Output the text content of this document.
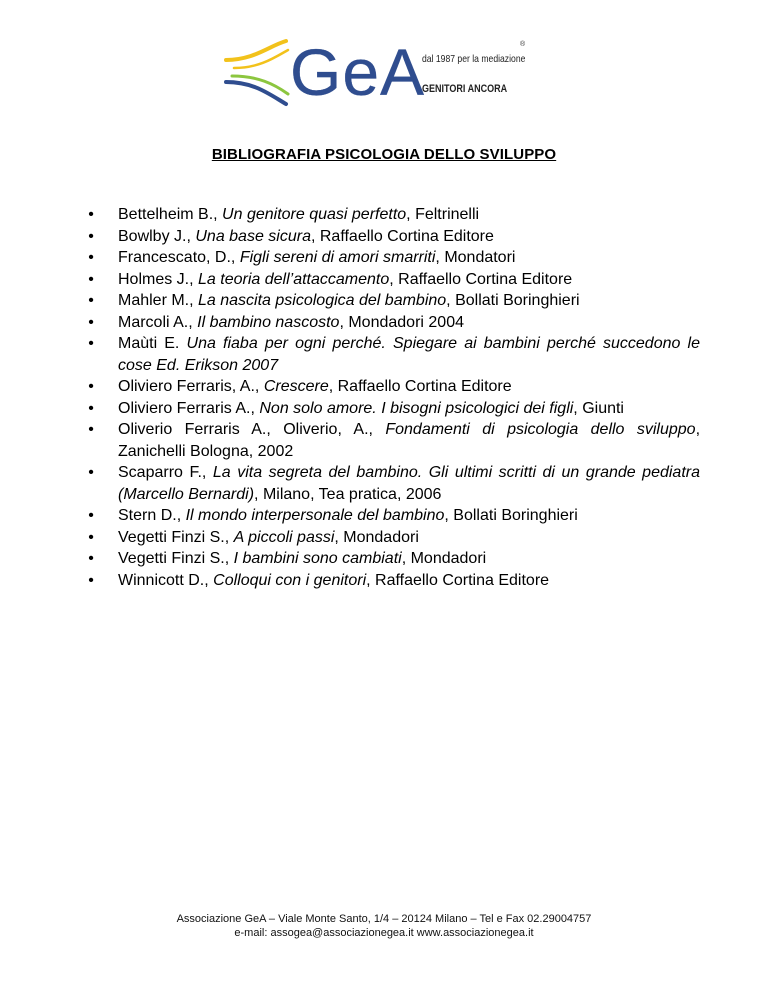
GeA
dal 1987 per la mediazione
GENITORI ANCORA
®
BIBLIOGRAFIA PSICOLOGIA DELLO SVILUPPO
•
Bettelheim B., Un genitore quasi perfetto, Feltrinelli
•
Bowlby J., Una base sicura, Raffaello Cortina Editore
•
Francescato, D., Figli sereni di amori smarriti, Mondatori
•
Holmes J., La teoria dell’attaccamento, Raffaello Cortina Editore
•
Mahler M., La nascita psicologica del bambino, Bollati Boringhieri
•
Marcoli A., Il bambino nascosto, Mondadori 2004
•
Maùti E. Una fiaba per ogni perché. Spiegare ai bambini perché succedono le cose Ed. Erikson 2007
•
Oliviero Ferraris, A., Crescere, Raffaello Cortina Editore
•
Oliviero Ferraris A., Non solo amore. I bisogni psicologici dei figli, Giunti
•
Oliverio Ferraris A., Oliverio, A., Fondamenti di psicologia dello sviluppo, Zanichelli Bologna, 2002
•
Scaparro F., La vita segreta del bambino. Gli ultimi scritti di un grande pediatra (Marcello Bernardi), Milano, Tea pratica, 2006
•
Stern D., Il mondo interpersonale del bambino, Bollati Boringhieri
•
Vegetti Finzi S., A piccoli passi, Mondadori
•
Vegetti Finzi S., I bambini sono cambiati, Mondadori
•
Winnicott D., Colloqui con i genitori, Raffaello Cortina Editore
Associazione GeA – Viale Monte Santo, 1/4 – 20124 Milano – Tel e Fax 02.29004757
e-mail: assogea@associazionegea.it www.associazionegea.it
